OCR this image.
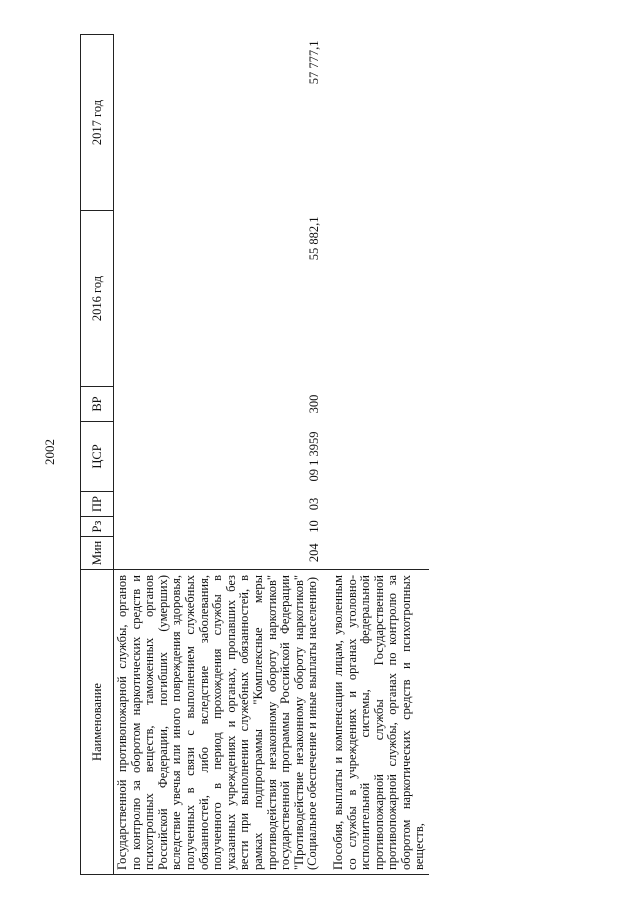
2002
Наименование	Мин	Рз	ПР	ЦСР	ВР	2016 год	2017 год
Государственной противопожарной службы, органов по контролю за оборотом наркотических средств и психотропных веществ, таможенных органов Российской Федерации, погибших (умерших) вследствие увечья или иного повреждения здоровья, полученных в связи с выполнением служебных обязанностей, либо вследствие заболевания, полученного в период прохождения службы в указанных учреждениях и органах, пропавших без вести при выполнении служебных обязанностей, в рамках подпрограммы "Комплексные меры противодействия незаконному обороту наркотиков" государственной программы Российской Федерации "Противодействие незаконному обороту наркотиков" (Социальное обеспечение и иные выплаты населению)	204	10	03	09 1 3959	300	55 882,1	57 777,1

Пособия, выплаты и компенсации лицам, уволенным со службы в учреждениях и органах уголовно-исполнительной системы, федеральной противопожарной службы Государственной противопожарной службы, органах по контролю за оборотом наркотических средств и психотропных веществ,							
